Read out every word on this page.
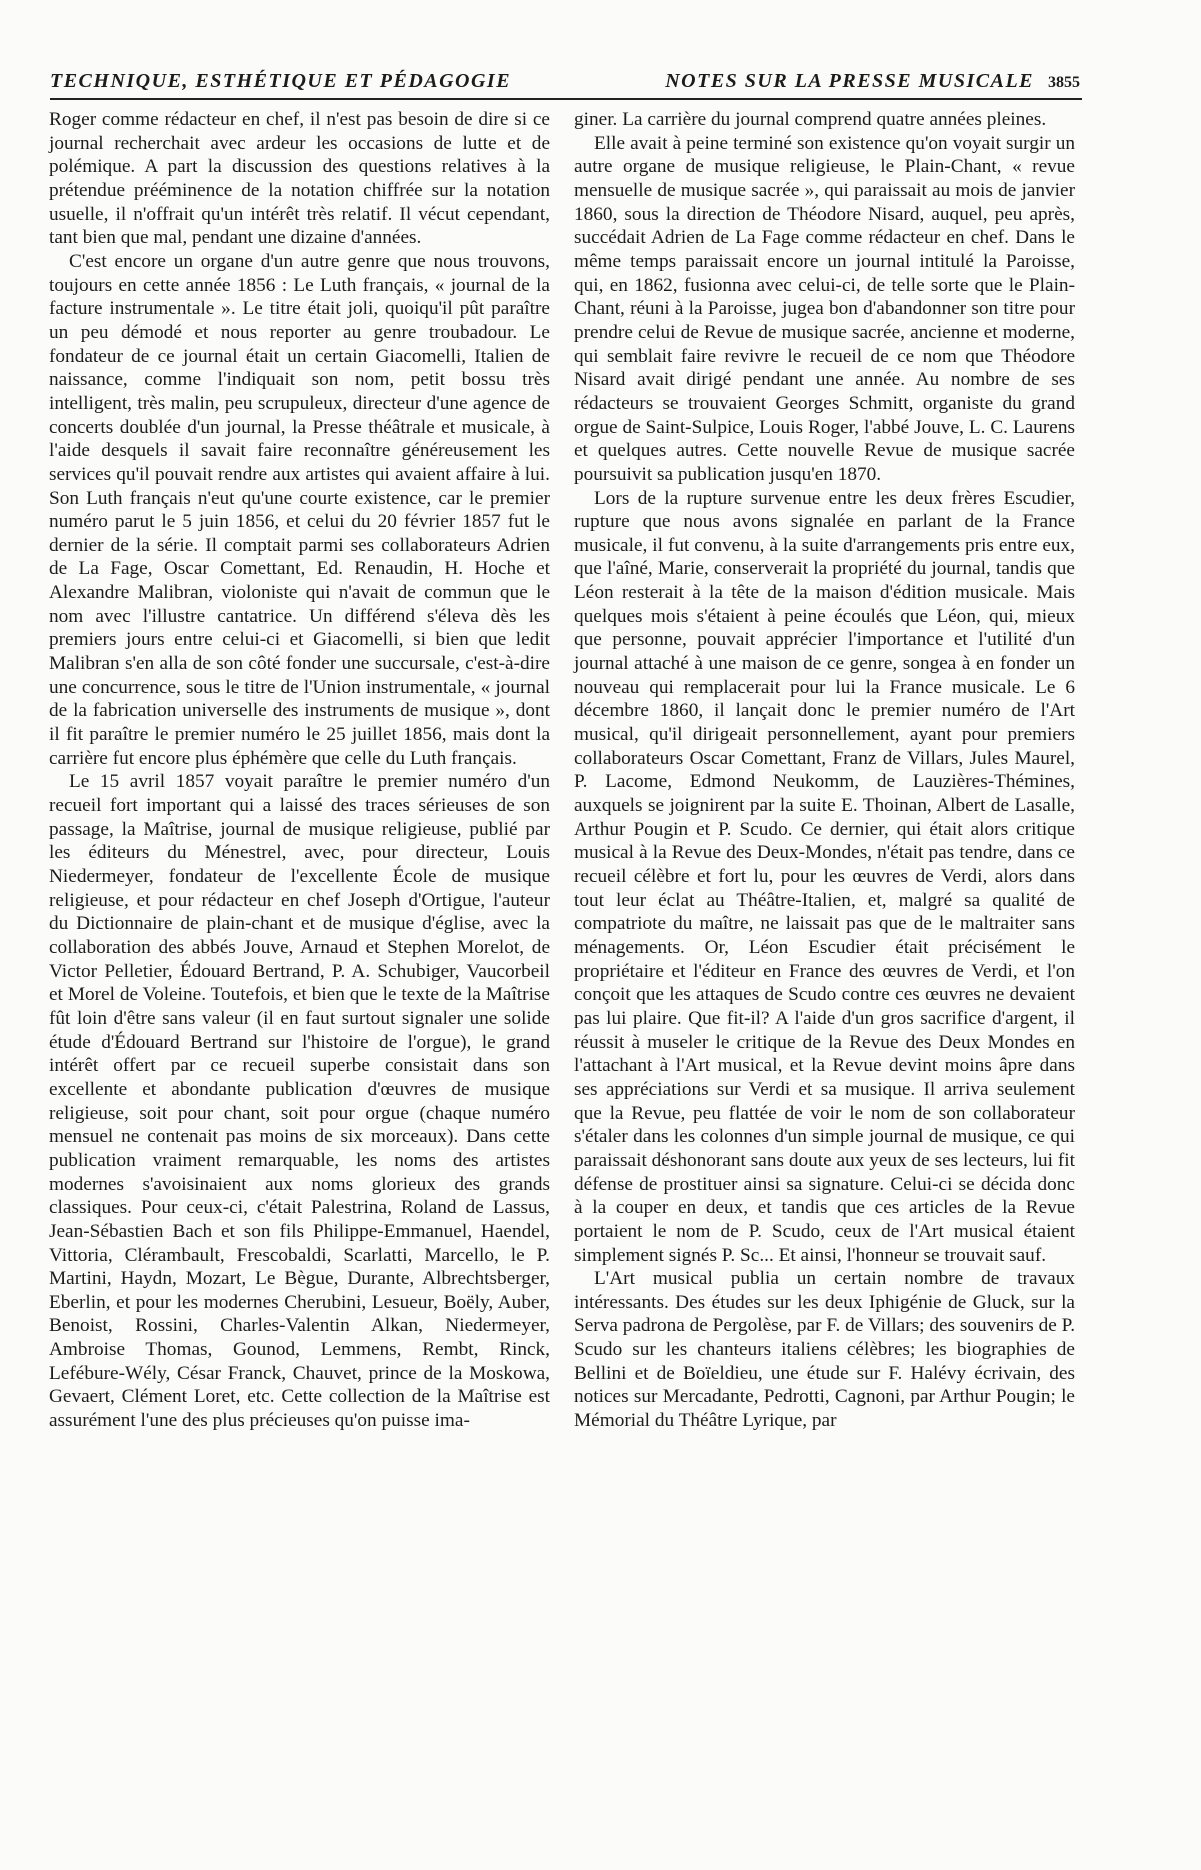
TECHNIQUE, ESTHÉTIQUE ET PÉDAGOGIE	NOTES SUR LA PRESSE MUSICALE 3855

Roger comme rédacteur en chef, il n'est pas besoin de dire si ce journal recherchait avec ardeur les occasions de lutte et de polémique. A part la discussion des questions relatives à la prétendue prééminence de la notation chiffrée sur la notation usuelle, il n'offrait qu'un intérêt très relatif. Il vécut cependant, tant bien que mal, pendant une dizaine d'années.

C'est encore un organe d'un autre genre que nous trouvons, toujours en cette année 1856 : Le Luth français, « journal de la facture instrumentale ». Le titre était joli, quoiqu'il pût paraître un peu démodé et nous reporter au genre troubadour. Le fondateur de ce journal était un certain Giacomelli, Italien de naissance, comme l'indiquait son nom, petit bossu très intelligent, très malin, peu scrupuleux, directeur d'une agence de concerts doublée d'un journal, la Presse théâtrale et musicale, à l'aide desquels il savait faire reconnaître généreusement les services qu'il pouvait rendre aux artistes qui avaient affaire à lui. Son Luth français n'eut qu'une courte existence, car le premier numéro parut le 5 juin 1856, et celui du 20 février 1857 fut le dernier de la série. Il comptait parmi ses collaborateurs Adrien de La Fage, Oscar Comettant, Ed. Renaudin, H. Hoche et Alexandre Malibran, violoniste qui n'avait de commun que le nom avec l'illustre cantatrice. Un différend s'éleva dès les premiers jours entre celui-ci et Giacomelli, si bien que ledit Malibran s'en alla de son côté fonder une succursale, c'est-à-dire une concurrence, sous le titre de l'Union instrumentale, « journal de la fabrication universelle des instruments de musique », dont il fit paraître le premier numéro le 25 juillet 1856, mais dont la carrière fut encore plus éphémère que celle du Luth français.

Le 15 avril 1857 voyait paraître le premier numéro d'un recueil fort important qui a laissé des traces sérieuses de son passage, la Maîtrise, journal de musique religieuse, publié par les éditeurs du Ménestrel, avec, pour directeur, Louis Niedermeyer, fondateur de l'excellente École de musique religieuse, et pour rédacteur en chef Joseph d'Ortigue, l'auteur du Dictionnaire de plain-chant et de musique d'église, avec la collaboration des abbés Jouve, Arnaud et Stephen Morelot, de Victor Pelletier, Édouard Bertrand, P. A. Schubiger, Vaucorbeil et Morel de Voleine. Toutefois, et bien que le texte de la Maîtrise fût loin d'être sans valeur (il en faut surtout signaler une solide étude d'Édouard Bertrand sur l'histoire de l'orgue), le grand intérêt offert par ce recueil superbe consistait dans son excellente et abondante publication d'œuvres de musique religieuse, soit pour chant, soit pour orgue (chaque numéro mensuel ne contenait pas moins de six morceaux). Dans cette publication vraiment remarquable, les noms des artistes modernes s'avoisinaient aux noms glorieux des grands classiques. Pour ceux-ci, c'était Palestrina, Roland de Lassus, Jean-Sébastien Bach et son fils Philippe-Emmanuel, Haendel, Vittoria, Clérambault, Frescobaldi, Scarlatti, Marcello, le P. Martini, Haydn, Mozart, Le Bègue, Durante, Albrechtsberger, Eberlin, et pour les modernes Cherubini, Lesueur, Boëly, Auber, Benoist, Rossini, Charles-Valentin Alkan, Niedermeyer, Ambroise Thomas, Gounod, Lemmens, Rembt, Rinck, Lefébure-Wély, César Franck, Chauvet, prince de la Moskowa, Gevaert, Clément Loret, etc. Cette collection de la Maîtrise est assurément l'une des plus précieuses qu'on puisse ima-

giner. La carrière du journal comprend quatre années pleines.

Elle avait à peine terminé son existence qu'on voyait surgir un autre organe de musique religieuse, le Plain-Chant, « revue mensuelle de musique sacrée », qui paraissait au mois de janvier 1860, sous la direction de Théodore Nisard, auquel, peu après, succédait Adrien de La Fage comme rédacteur en chef. Dans le même temps paraissait encore un journal intitulé la Paroisse, qui, en 1862, fusionna avec celui-ci, de telle sorte que le Plain-Chant, réuni à la Paroisse, jugea bon d'abandonner son titre pour prendre celui de Revue de musique sacrée, ancienne et moderne, qui semblait faire revivre le recueil de ce nom que Théodore Nisard avait dirigé pendant une année. Au nombre de ses rédacteurs se trouvaient Georges Schmitt, organiste du grand orgue de Saint-Sulpice, Louis Roger, l'abbé Jouve, L. C. Laurens et quelques autres. Cette nouvelle Revue de musique sacrée poursuivit sa publication jusqu'en 1870.

Lors de la rupture survenue entre les deux frères Escudier, rupture que nous avons signalée en parlant de la France musicale, il fut convenu, à la suite d'arrangements pris entre eux, que l'aîné, Marie, conserverait la propriété du journal, tandis que Léon resterait à la tête de la maison d'édition musicale. Mais quelques mois s'étaient à peine écoulés que Léon, qui, mieux que personne, pouvait apprécier l'importance et l'utilité d'un journal attaché à une maison de ce genre, songea à en fonder un nouveau qui remplacerait pour lui la France musicale. Le 6 décembre 1860, il lançait donc le premier numéro de l'Art musical, qu'il dirigeait personnellement, ayant pour premiers collaborateurs Oscar Comettant, Franz de Villars, Jules Maurel, P. Lacome, Edmond Neukomm, de Lauzières-Thémines, auxquels se joignirent par la suite E. Thoinan, Albert de Lasalle, Arthur Pougin et P. Scudo. Ce dernier, qui était alors critique musical à la Revue des Deux-Mondes, n'était pas tendre, dans ce recueil célèbre et fort lu, pour les œuvres de Verdi, alors dans tout leur éclat au Théâtre-Italien, et, malgré sa qualité de compatriote du maître, ne laissait pas que de le maltraiter sans ménagements. Or, Léon Escudier était précisément le propriétaire et l'éditeur en France des œuvres de Verdi, et l'on conçoit que les attaques de Scudo contre ces œuvres ne devaient pas lui plaire. Que fit-il? A l'aide d'un gros sacrifice d'argent, il réussit à museler le critique de la Revue des Deux Mondes en l'attachant à l'Art musical, et la Revue devint moins âpre dans ses appréciations sur Verdi et sa musique. Il arriva seulement que la Revue, peu flattée de voir le nom de son collaborateur s'étaler dans les colonnes d'un simple journal de musique, ce qui paraissait déshonorant sans doute aux yeux de ses lecteurs, lui fit défense de prostituer ainsi sa signature. Celui-ci se décida donc à la couper en deux, et tandis que ces articles de la Revue portaient le nom de P. Scudo, ceux de l'Art musical étaient simplement signés P. Sc... Et ainsi, l'honneur se trouvait sauf.

L'Art musical publia un certain nombre de travaux intéressants. Des études sur les deux Iphigénie de Gluck, sur la Serva padrona de Pergolèse, par F. de Villars; des souvenirs de P. Scudo sur les chanteurs italiens célèbres; les biographies de Bellini et de Boïeldieu, une étude sur F. Halévy écrivain, des notices sur Mercadante, Pedrotti, Cagnoni, par Arthur Pougin; le Mémorial du Théâtre Lyrique, par
